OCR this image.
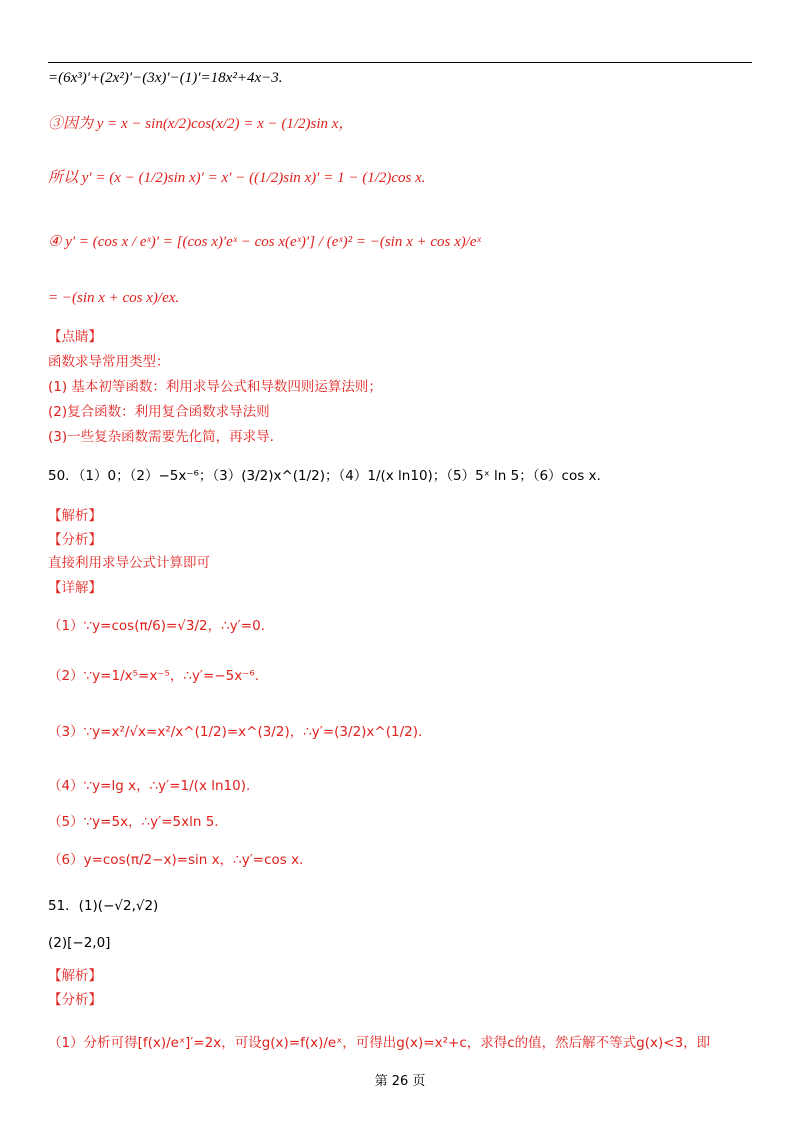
=(6x³)′+(2x²)′−(3x)′−(1)′=18x²+4x−3.
③因为 y = x − sin(x/2)cos(x/2) = x − (1/2)sin x，
所以 y′ = (x − (1/2)sin x)′ = x′ − ((1/2)sin x)′ = 1 − (1/2)cos x.
④ y′ = (cos x / eˣ)′ = [(cos x)′eˣ − cos x(eˣ)′] / (eˣ)² = −(sin x + cos x)/eˣ
= −(sin x + cos x)/ex.
【点睛】
函数求导常用类型：
(1) 基本初等函数：利用求导公式和导数四则运算法则；
(2)复合函数：利用复合函数求导法则
(3)一些复杂函数需要先化简，再求导.
50．（1）0；（2）−5x⁻⁶；（3）(3/2)x^(1/2)；（4）1/(x ln10)；（5）5ˣ ln 5；（6）cos x.
【解析】
【分析】
直接利用求导公式计算即可
【详解】
（1）∵y=cos(π/6)=√3/2，∴y′=0.
（2）∵y=1/x⁵=x⁻⁵，∴y′=−5x⁻⁶.
（3）∵y=x²/√x=x²/x^(1/2)=x^(3/2)，∴y′=(3/2)x^(1/2).
（4）∵y=lg x，∴y′=1/(x ln10).
（5）∵y=5x，∴y′=5xln 5.
（6）y=cos(π/2−x)=sin x，∴y′=cos x.
51．(1)(−√2,√2)
(2)[−2,0]
【解析】
【分析】
（1）分析可得[f(x)/eˣ]′=2x，可设g(x)=f(x)/eˣ，可得出g(x)=x²+c，求得c的值，然后解不等式g(x)<3，即
第 26 页
